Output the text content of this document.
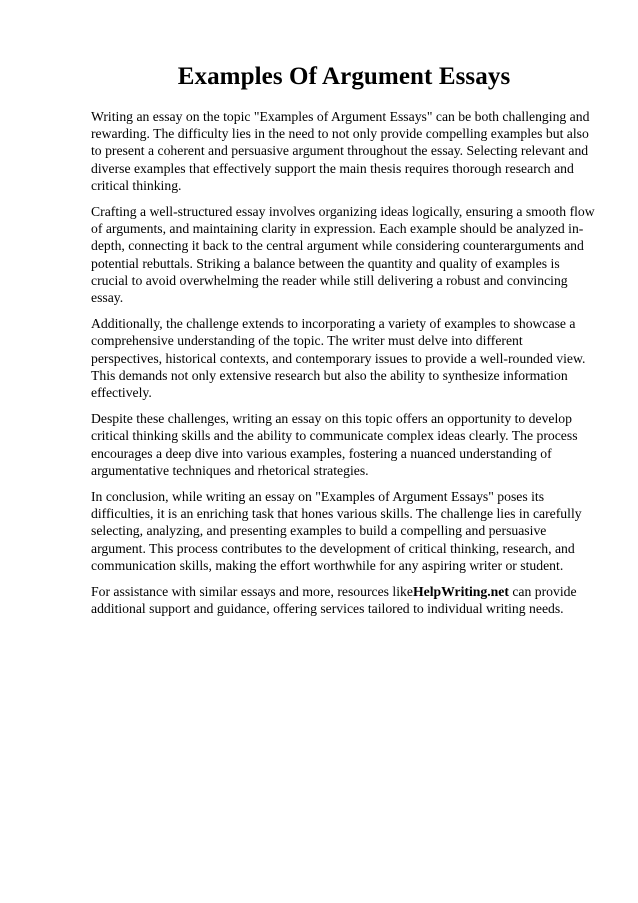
Examples Of Argument Essays

Writing an essay on the topic "Examples of Argument Essays" can be both challenging and rewarding. The difficulty lies in the need to not only provide compelling examples but also to present a coherent and persuasive argument throughout the essay. Selecting relevant and diverse examples that effectively support the main thesis requires thorough research and critical thinking.

Crafting a well-structured essay involves organizing ideas logically, ensuring a smooth flow of arguments, and maintaining clarity in expression. Each example should be analyzed in-depth, connecting it back to the central argument while considering counterarguments and potential rebuttals. Striking a balance between the quantity and quality of examples is crucial to avoid overwhelming the reader while still delivering a robust and convincing essay.

Additionally, the challenge extends to incorporating a variety of examples to showcase a comprehensive understanding of the topic. The writer must delve into different perspectives, historical contexts, and contemporary issues to provide a well-rounded view. This demands not only extensive research but also the ability to synthesize information effectively.

Despite these challenges, writing an essay on this topic offers an opportunity to develop critical thinking skills and the ability to communicate complex ideas clearly. The process encourages a deep dive into various examples, fostering a nuanced understanding of argumentative techniques and rhetorical strategies.

In conclusion, while writing an essay on "Examples of Argument Essays" poses its difficulties, it is an enriching task that hones various skills. The challenge lies in carefully selecting, analyzing, and presenting examples to build a compelling and persuasive argument. This process contributes to the development of critical thinking, research, and communication skills, making the effort worthwhile for any aspiring writer or student.

For assistance with similar essays and more, resources likeHelpWriting.net can provide additional support and guidance, offering services tailored to individual writing needs.
